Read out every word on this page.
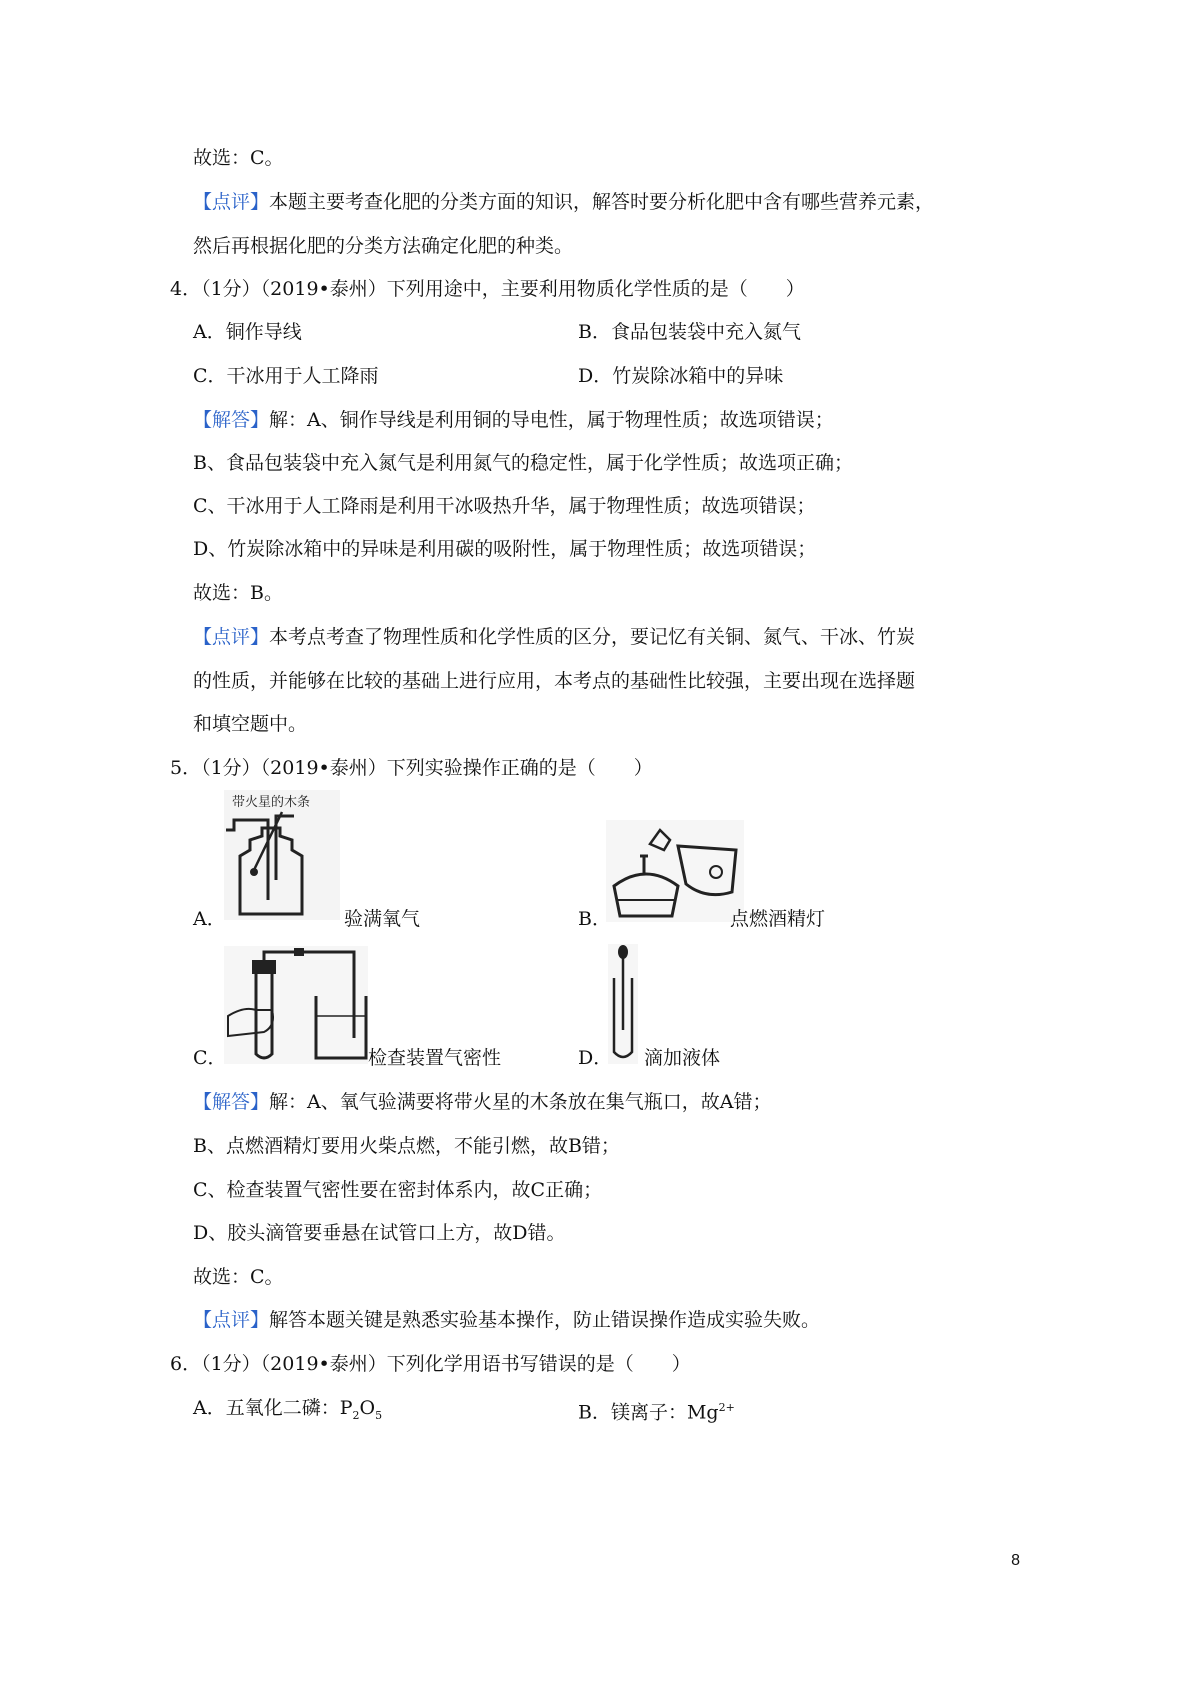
故选：C。
【点评】本题主要考查化肥的分类方面的知识，解答时要分析化肥中含有哪些营养元素，
然后再根据化肥的分类方法确定化肥的种类。
4．（1分）（2019•泰州）下列用途中，主要利用物质化学性质的是（　　）
A．铜作导线	B．食品包装袋中充入氮气
C．干冰用于人工降雨	D．竹炭除冰箱中的异味
【解答】解：A、铜作导线是利用铜的导电性，属于物理性质；故选项错误；
B、食品包装袋中充入氮气是利用氮气的稳定性，属于化学性质；故选项正确；
C、干冰用于人工降雨是利用干冰吸热升华，属于物理性质；故选项错误；
D、竹炭除冰箱中的异味是利用碳的吸附性，属于物理性质；故选项错误；
故选：B。
【点评】本考点考查了物理性质和化学性质的区分，要记忆有关铜、氮气、干冰、竹炭
的性质，并能够在比较的基础上进行应用，本考点的基础性比较强，主要出现在选择题
和填空题中。
5．（1分）（2019•泰州）下列实验操作正确的是（　　）
带火星的木条
A．	验满氧气	B．	点燃酒精灯
C．	检查装置气密性	D． 滴加液体
【解答】解：A、氧气验满要将带火星的木条放在集气瓶口，故A错；
B、点燃酒精灯要用火柴点燃，不能引燃，故B错；
C、检查装置气密性要在密封体系内，故C正确；
D、胶头滴管要垂悬在试管口上方，故D错。
故选：C。
【点评】解答本题关键是熟悉实验基本操作，防止错误操作造成实验失败。
6．（1分）（2019•泰州）下列化学用语书写错误的是（　　）
A．五氧化二磷：$P_2O_5$	B．镁离子：$Mg^{2+}$
8
